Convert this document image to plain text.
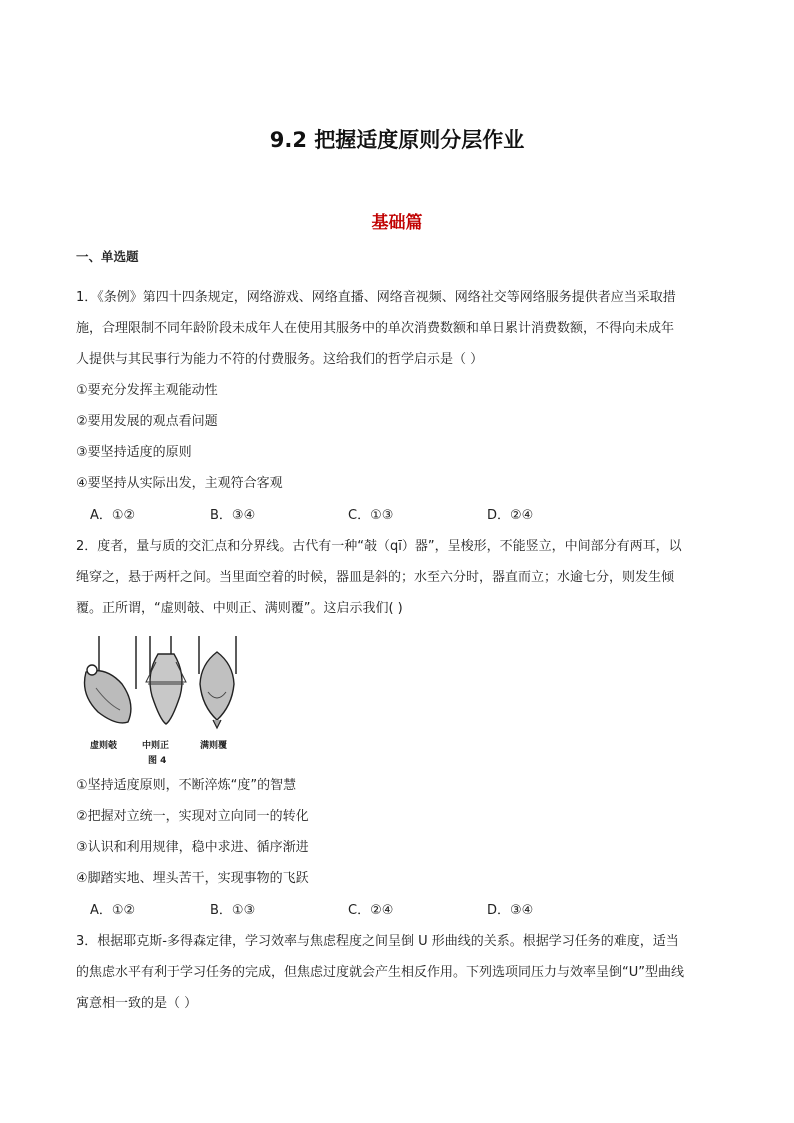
9.2 把握适度原则分层作业
基础篇
一、单选题
1．《条例》第四十四条规定，网络游戏、网络直播、网络音视频、网络社交等网络服务提供者应当采取措
施，合理限制不同年龄阶段未成年人在使用其服务中的单次消费数额和单日累计消费数额，不得向未成年
人提供与其民事行为能力不符的付费服务。这给我们的哲学启示是（ ）
①要充分发挥主观能动性
②要用发展的观点看问题
③要坚持适度的原则
④要坚持从实际出发，主观符合客观
A．①②	B．③④	C．①③	D．②④
2．度者，量与质的交汇点和分界线。古代有一种“攲（qī）器”，呈梭形，不能竖立，中间部分有两耳，以
绳穿之，悬于两杆之间。当里面空着的时候，器皿是斜的；水至六分时，器直而立；水逾七分，则发生倾
覆。正所谓，“虚则攲、中则正、满则覆”。这启示我们( )
虚则攲	中则正	满则覆
图 4
①坚持适度原则，不断淬炼“度”的智慧
②把握对立统一，实现对立向同一的转化
③认识和利用规律，稳中求进、循序渐进
④脚踏实地、埋头苦干，实现事物的飞跃
A．①②	B．①③	C．②④	D．③④
3．根据耶克斯-多得森定律，学习效率与焦虑程度之间呈倒 U 形曲线的关系。根据学习任务的难度，适当
的焦虑水平有利于学习任务的完成，但焦虑过度就会产生相反作用。下列选项同压力与效率呈倒“U”型曲线
寓意相一致的是（ ）
